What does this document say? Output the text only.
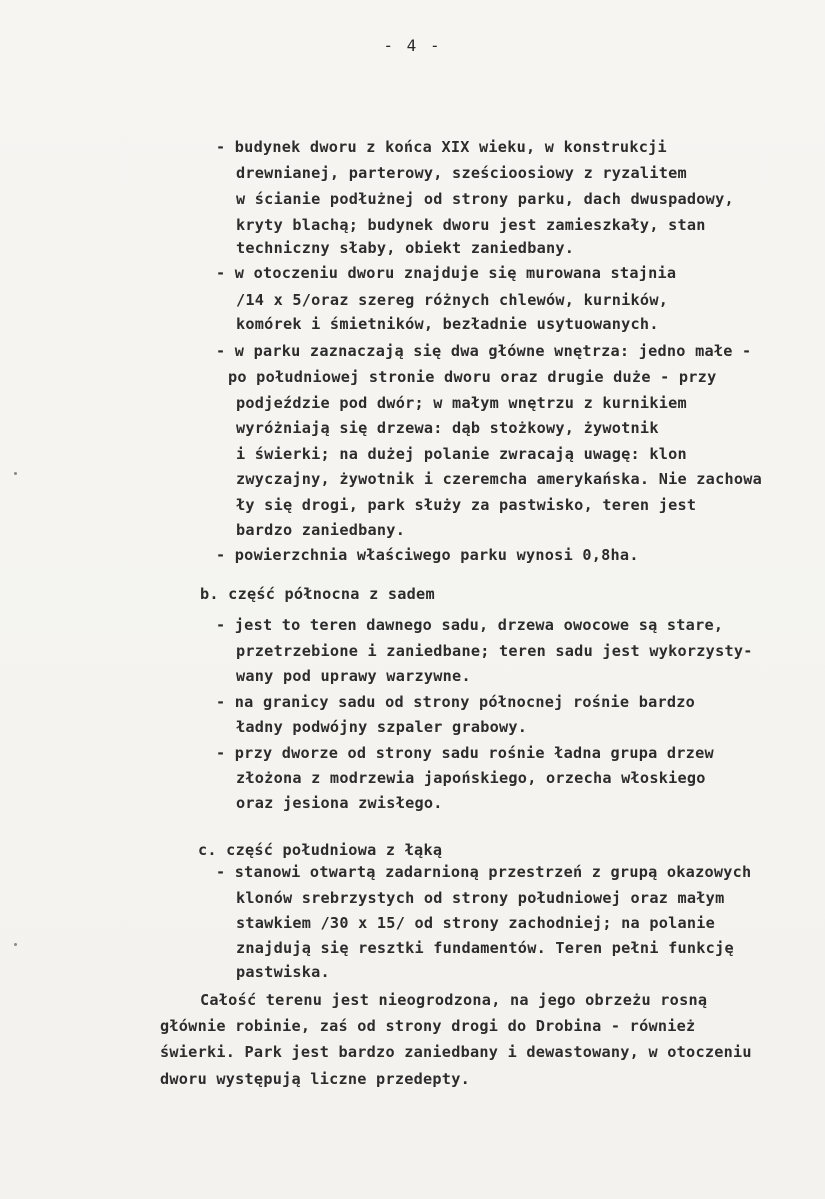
- 4 -
- budynek dworu z końca XIX wieku, w konstrukcji
drewnianej, parterowy, sześcioosiowy z ryzalitem
w ścianie podłużnej od strony parku, dach dwuspadowy,
kryty blachą; budynek dworu jest zamieszkały, stan
techniczny słaby, obiekt zaniedbany.
- w otoczeniu dworu znajduje się murowana stajnia
/14 x 5/oraz szereg różnych chlewów, kurników,
komórek i śmietników, bezładnie usytuowanych.
- w parku zaznaczają się dwa główne wnętrza: jedno małe -
po południowej stronie dworu oraz drugie duże - przy
podjeździe pod dwór; w małym wnętrzu z kurnikiem
wyróżniają się drzewa: dąb stożkowy, żywotnik
i świerki; na dużej polanie zwracają uwagę: klon
zwyczajny, żywotnik i czeremcha amerykańska. Nie zachowa
ły się drogi, park służy za pastwisko, teren jest
bardzo zaniedbany.
- powierzchnia właściwego parku wynosi 0,8ha.
b. część północna z sadem
- jest to teren dawnego sadu, drzewa owocowe są stare,
przetrzebione i zaniedbane; teren sadu jest wykorzysty-
wany pod uprawy warzywne.
- na granicy sadu od strony północnej rośnie bardzo
ładny podwójny szpaler grabowy.
- przy dworze od strony sadu rośnie ładna grupa drzew
złożona z modrzewia japońskiego, orzecha włoskiego
oraz jesiona zwisłego.
c. część południowa z łąką
- stanowi otwartą zadarnioną przestrzeń z grupą okazowych
klonów srebrzystych od strony południowej oraz małym
stawkiem /30 x 15/ od strony zachodniej; na polanie
znajdują się resztki fundamentów. Teren pełni funkcję
pastwiska.
Całość terenu jest nieogrodzona, na jego obrzeżu rosną
głównie robinie, zaś od strony drogi do Drobina - również
świerki. Park jest bardzo zaniedbany i dewastowany, w otoczeniu
dworu występują liczne przedepty.
